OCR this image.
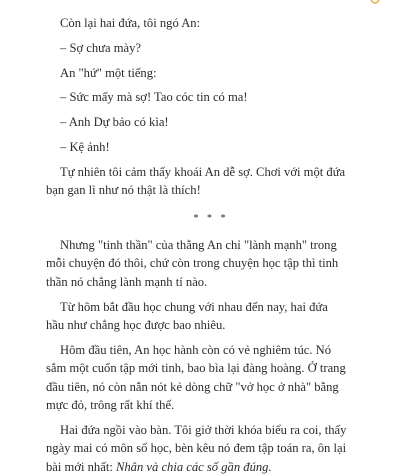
Còn lại hai đứa, tôi ngó An:

– Sợ chưa mày?

An "hứ" một tiếng:

– Sức mấy mà sợ! Tao cóc tin có ma!

– Anh Dự bảo có kìa!

– Kệ ảnh!

Tự nhiên tôi cảm thấy khoái An dễ sợ. Chơi với một đứa

bạn gan lì như nó thật là thích!

* * *

Nhưng "tinh thần" của thằng An chỉ "lành mạnh" trong

mỗi chuyện đó thôi, chứ còn trong chuyện học tập thì tinh

thần nó chẳng lành mạnh tí nào.

Từ hôm bắt đầu học chung với nhau đến nay, hai đứa

hầu như chẳng học được bao nhiêu.

Hôm đầu tiên, An học hành còn có vẻ nghiêm túc. Nó

sắm một cuốn tập mới tinh, bao bìa lại đàng hoàng. Ở trang

đầu tiên, nó còn nắn nót kẻ dòng chữ "vở học ở nhà" bằng

mực đỏ, trông rất khí thế.

Hai đứa ngồi vào bàn. Tôi giở thời khóa biểu ra coi, thấy

ngày mai có môn số học, bèn kêu nó đem tập toán ra, ôn lại

bài mới nhất: Nhân và chia các số gần đúng.
